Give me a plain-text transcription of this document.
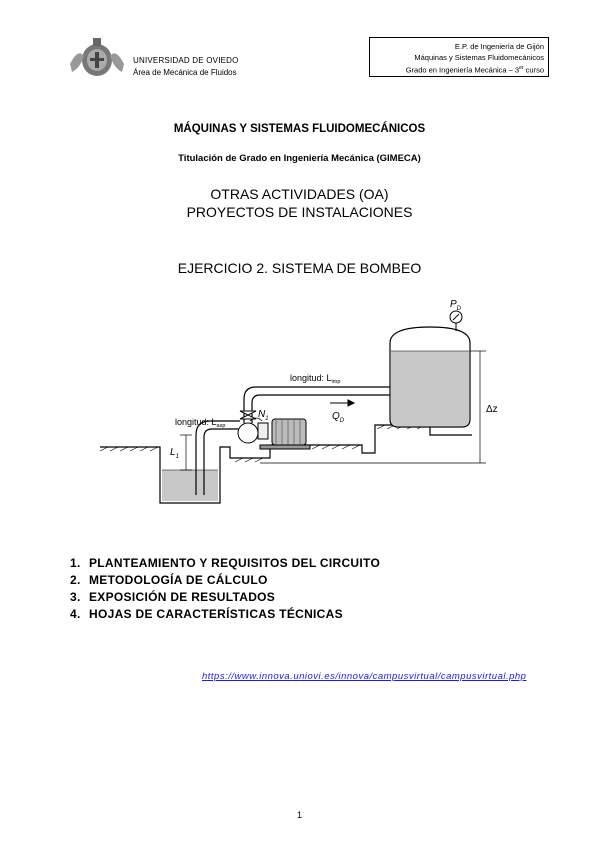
UNIVERSIDAD DE OVIEDO
Área de Mecánica de Fluidos
E.P. de Ingeniería de Gijón
Máquinas y Sistemas Fluidomecánicos
Grado en Ingeniería Mecánica – 3er curso
MÁQUINAS Y SISTEMAS FLUIDOMECÁNICOS
Titulación de Grado en Ingeniería Mecánica (GIMECA)
OTRAS ACTIVIDADES (OA)
PROYECTOS DE INSTALACIONES
EJERCICIO 2. SISTEMA DE BOMBEO
$P_D$
$Q_D$
$N_1$
$L_1$
Δz
longitud: $L_{imp}$
longitud: $L_{asp}$
1. PLANTEAMIENTO Y REQUISITOS DEL CIRCUITO
2. METODOLOGÍA DE CÁLCULO
3. EXPOSICIÓN DE RESULTADOS
4. HOJAS DE CARACTERÍSTICAS TÉCNICAS
https://www.innova.uniovi.es/innova/campusvirtual/campusvirtual.php
1
